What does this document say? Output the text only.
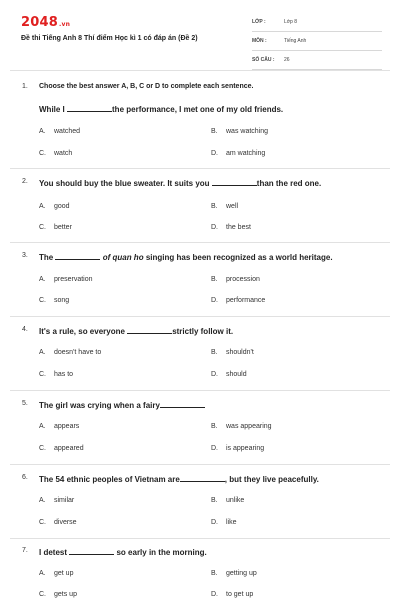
2048.vn
Đề thi Tiếng Anh 8 Thí điểm Học kì 1 có đáp án (Đề 2)
LỚP :	Lớp 8
MÔN :	Tiếng Anh
SỐ CÂU : 26
1. Choose the best answer A, B, C or D to complete each sentence.
While I	the performance, I met one of my old friends.
A. watched	B. was watching
C. watch	D. am watching
2. You should buy the blue sweater. It suits you	than the red one.
A. good	B. well
C. better	D. the best
3. The	of quan ho singing has been recognized as a world heritage.
A. preservation	B. procession
C. song	D. performance
4. It's a rule, so everyone	strictly follow it.
A. doesn't have to	B. shouldn't
C. has to	D. should
5. The girl was crying when a fairy
A. appears	B. was appearing
C. appeared	D. is appearing
6. The 54 ethnic peoples of Vietnam are	, but they live peacefully.
A. similar	B. unlike
C. diverse	D. like
7. I detest	so early in the morning.
A. get up	B. getting up
C. gets up	D. to get up
